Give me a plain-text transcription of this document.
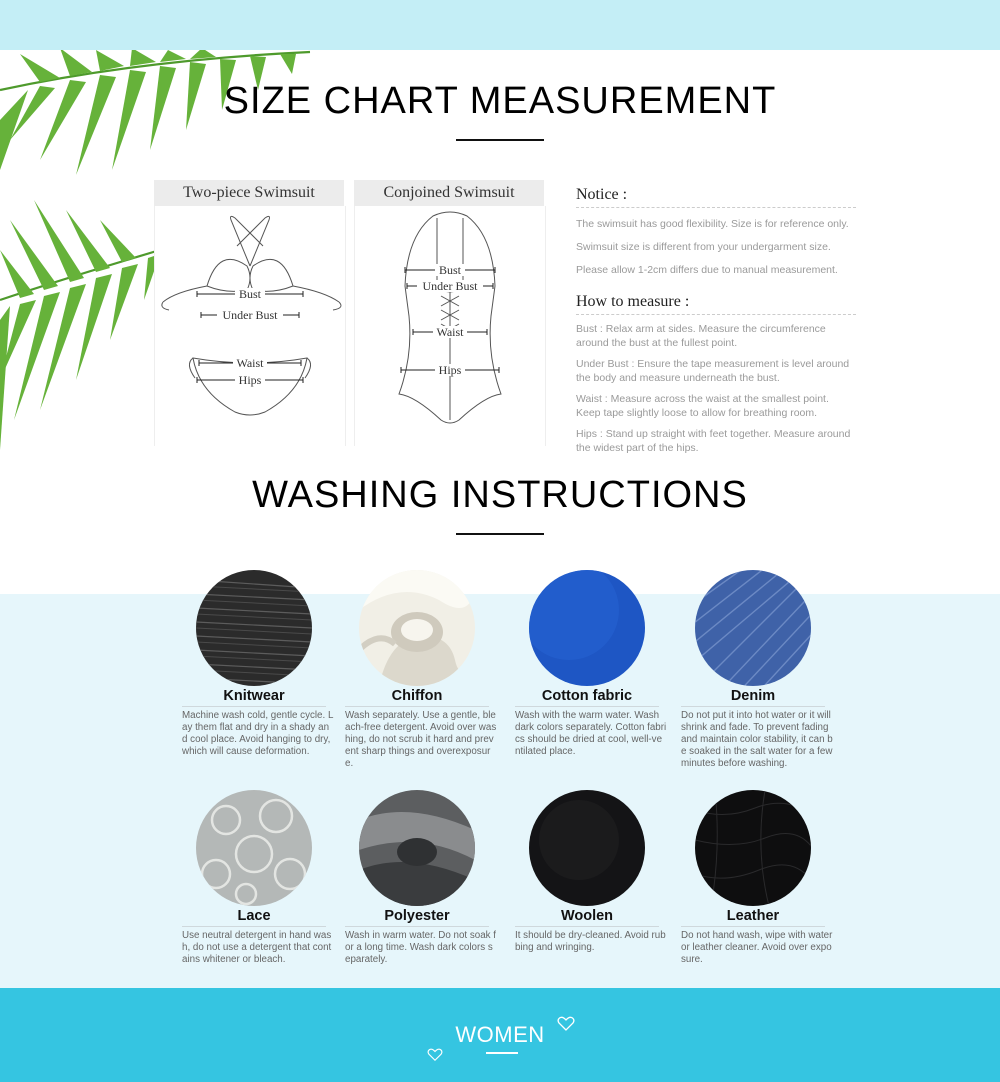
SIZE CHART MEASUREMENT
Two-piece Swimsuit
Bust
Under Bust
Waist
Hips
Conjoined Swimsuit
Bust
Under Bust
Waist
Hips
Notice :
The swimsuit has good flexibility. Size is for reference only.
Swimsuit size is different from your undergarment size.
Please allow 1-2cm differs due to manual measurement.
How to measure :
Bust : Relax arm at sides. Measure the circumference around the bust at the fullest point.
Under Bust : Ensure the tape measurement is level around the body and measure underneath the bust.
Waist : Measure across the waist at the smallest point. Keep tape slightly loose to allow for breathing room.
Hips : Stand up straight with feet together. Measure around the widest part of the hips.
WASHING INSTRUCTIONS
Knitwear
Machine wash cold, gentle cycle. Lay them flat and dry in a shady and cool place. Avoid hanging to dry, which will cause deformation.
Chiffon
Wash separately. Use a gentle, bleach-free detergent. Avoid over washing, do not scrub it hard and prevent sharp things and overexposure.
Cotton fabric
Wash with the warm water. Wash dark colors separately. Cotton fabrics should be dried at cool, well-ventilated place.
Denim
Do not put it into hot water or it will shrink and fade. To prevent fading and maintain color stability, it can be soaked in the salt water for a few minutes before washing.
Lace
Use neutral detergent in hand wash, do not use a detergent that contains whitener or bleach.
Polyester
Wash in warm water. Do not soak for a long time. Wash dark colors separately.
Woolen
It should be dry-cleaned. Avoid rubbing and wringing.
Leather
Do not hand wash, wipe with water or leather cleaner. Avoid over exposure.
WOMEN
